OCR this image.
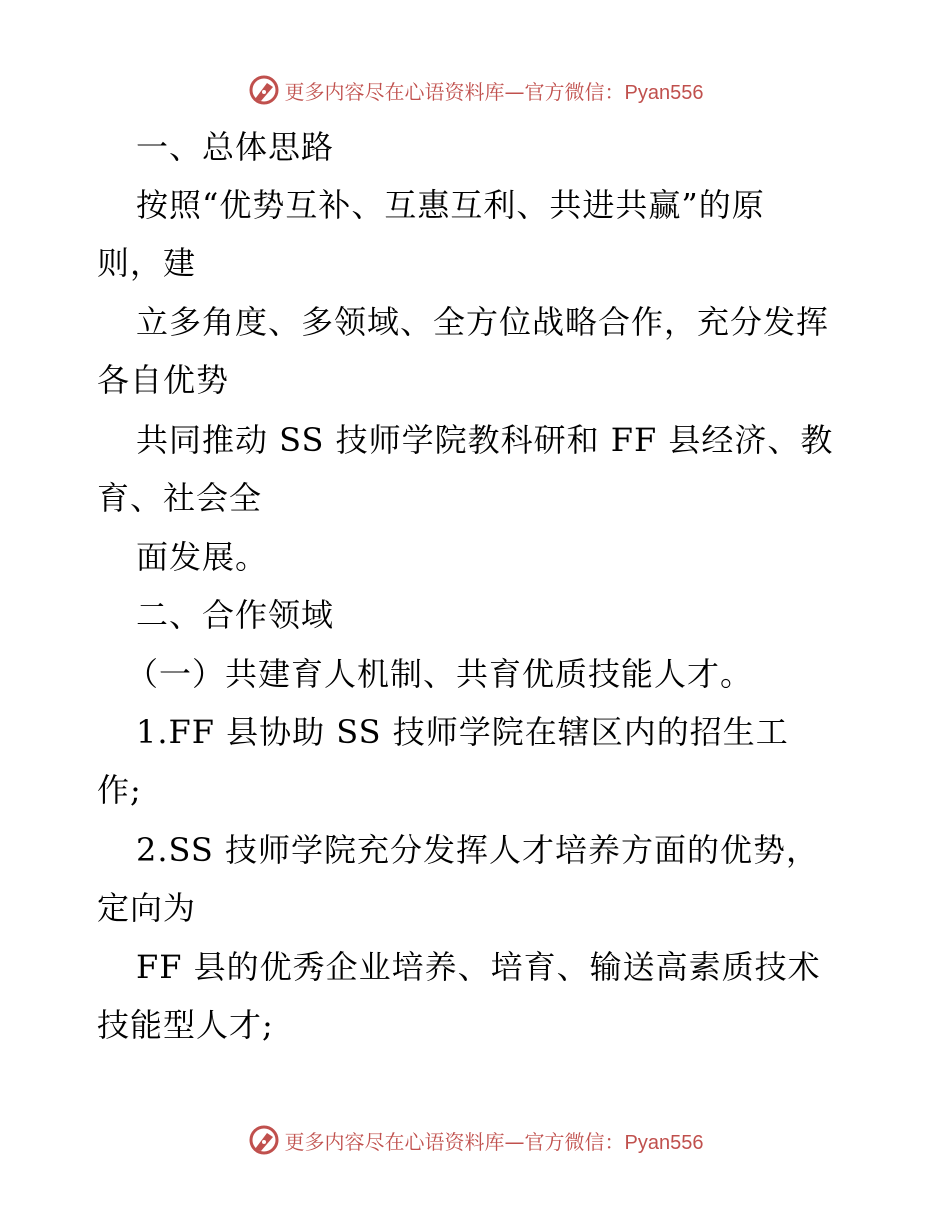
更多内容尽在心语资料库—官方微信：Pyan556
一、总体思路
按照“优势互补、互惠互利、共进共赢”的原
则，建
立多角度、多领域、全方位战略合作，充分发挥
各自优势
共同推动 SS 技师学院教科研和 FF 县经济、教
育、社会全
面发展。
二、合作领域
（一）共建育人机制、共育优质技能人才。
1.FF 县协助 SS 技师学院在辖区内的招生工
作;
2.SS 技师学院充分发挥人才培养方面的优势，
定向为
FF 县的优秀企业培养、培育、输送高素质技术
技能型人才;
更多内容尽在心语资料库—官方微信：Pyan556
